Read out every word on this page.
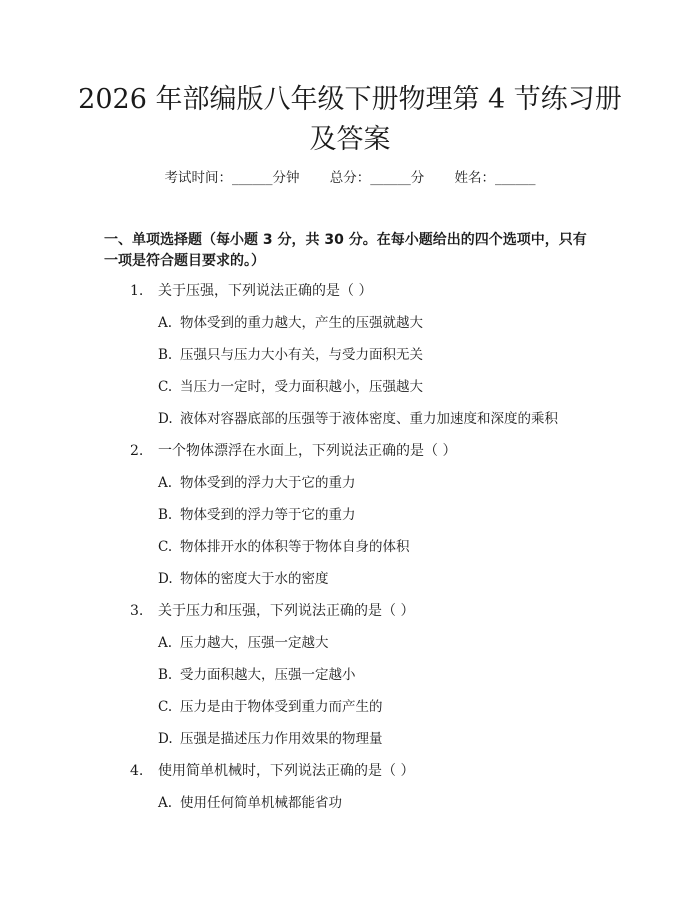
2026 年部编版八年级下册物理第 4 节练习册及答案
考试时间：______分钟 总分：______分 姓名：______
一、单项选择题（每小题 3 分，共 30 分。在每小题给出的四个选项中，只有一项是符合题目要求的。）
1. 关于压强，下列说法正确的是（ ）
A. 物体受到的重力越大，产生的压强就越大
B. 压强只与压力大小有关，与受力面积无关
C. 当压力一定时，受力面积越小，压强越大
D. 液体对容器底部的压强等于液体密度、重力加速度和深度的乘积
2. 一个物体漂浮在水面上，下列说法正确的是（ ）
A. 物体受到的浮力大于它的重力
B. 物体受到的浮力等于它的重力
C. 物体排开水的体积等于物体自身的体积
D. 物体的密度大于水的密度
3. 关于压力和压强，下列说法正确的是（ ）
A. 压力越大，压强一定越大
B. 受力面积越大，压强一定越小
C. 压力是由于物体受到重力而产生的
D. 压强是描述压力作用效果的物理量
4. 使用简单机械时，下列说法正确的是（ ）
A. 使用任何简单机械都能省功
